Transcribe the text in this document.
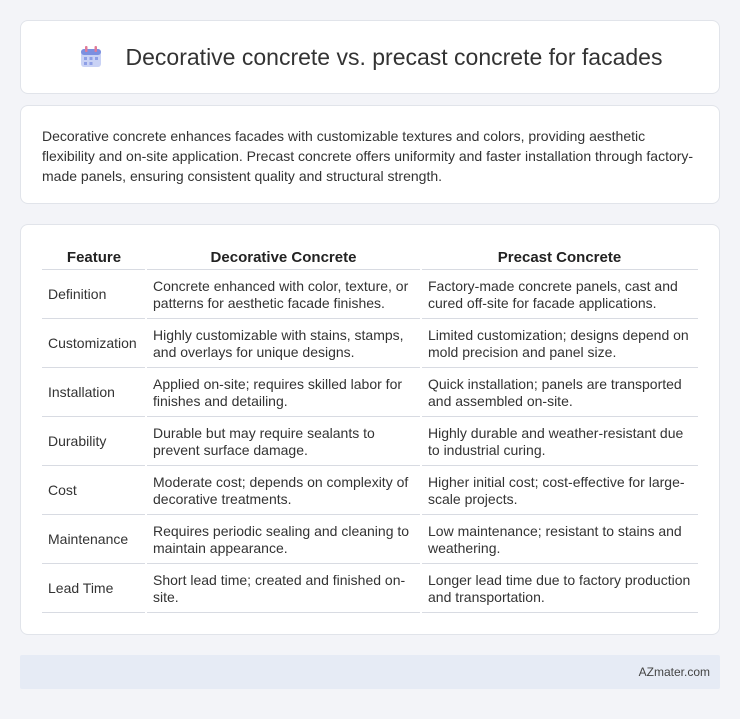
Decorative concrete vs. precast concrete for facades

Decorative concrete enhances facades with customizable textures and colors, providing aesthetic flexibility and on-site application. Precast concrete offers uniformity and faster installation through factory-made panels, ensuring consistent quality and structural strength.

Feature	Decorative Concrete	Precast Concrete
Definition	Concrete enhanced with color, texture, or patterns for aesthetic facade finishes.	Factory-made concrete panels, cast and cured off-site for facade applications.
Customization	Highly customizable with stains, stamps, and overlays for unique designs.	Limited customization; designs depend on mold precision and panel size.
Installation	Applied on-site; requires skilled labor for finishes and detailing.	Quick installation; panels are transported and assembled on-site.
Durability	Durable but may require sealants to prevent surface damage.	Highly durable and weather-resistant due to industrial curing.
Cost	Moderate cost; depends on complexity of decorative treatments.	Higher initial cost; cost-effective for large-scale projects.
Maintenance	Requires periodic sealing and cleaning to maintain appearance.	Low maintenance; resistant to stains and weathering.
Lead Time	Short lead time; created and finished on-site.	Longer lead time due to factory production and transportation.
AZmater.com
